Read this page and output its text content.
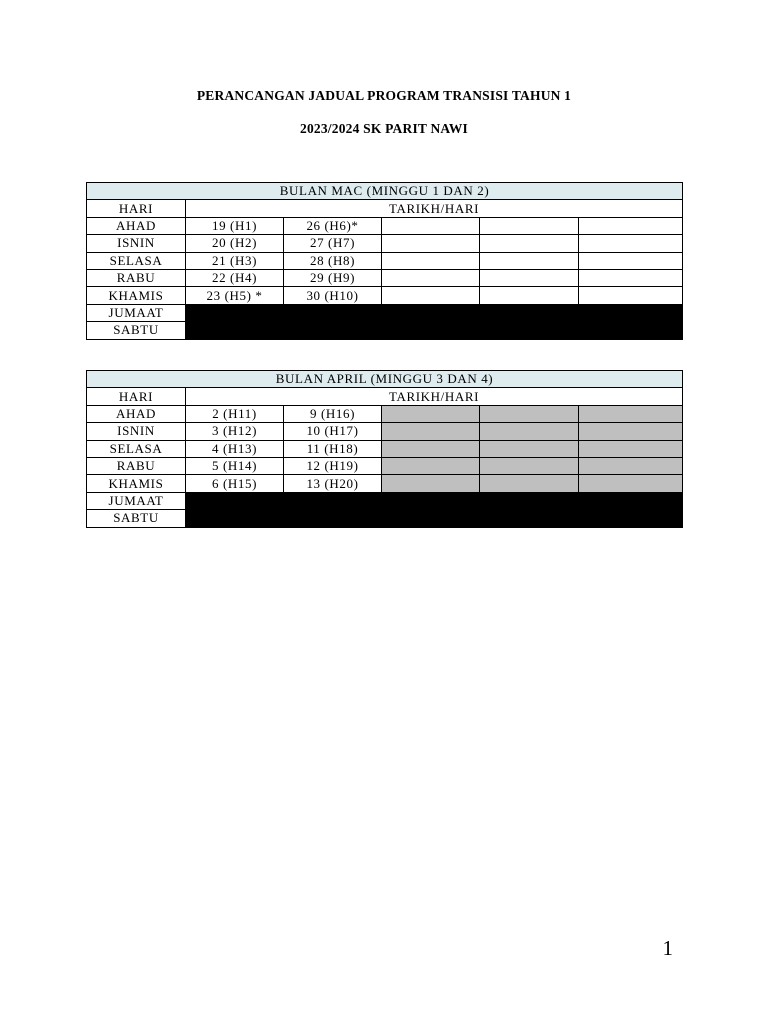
PERANCANGAN JADUAL PROGRAM TRANSISI TAHUN 1
2023/2024 SK PARIT NAWI
BULAN MAC (MINGGU 1 DAN 2)					
HARI	TARIKH/HARI				
AHAD	19 (H1)	26 (H6)*			
ISNIN	20 (H2)	27 (H7)			
SELASA	21 (H3)	28 (H8)			
RABU	22 (H4)	29 (H9)			
KHAMIS	23 (H5) *	30 (H10)			
JUMAAT					
SABTU					
BULAN APRIL (MINGGU 3 DAN 4)					
HARI	TARIKH/HARI				
AHAD	2 (H11)	9 (H16)			
ISNIN	3 (H12)	10 (H17)			
SELASA	4 (H13)	11 (H18)			
RABU	5 (H14)	12 (H19)			
KHAMIS	6 (H15)	13 (H20)			
JUMAAT					
SABTU					
1
